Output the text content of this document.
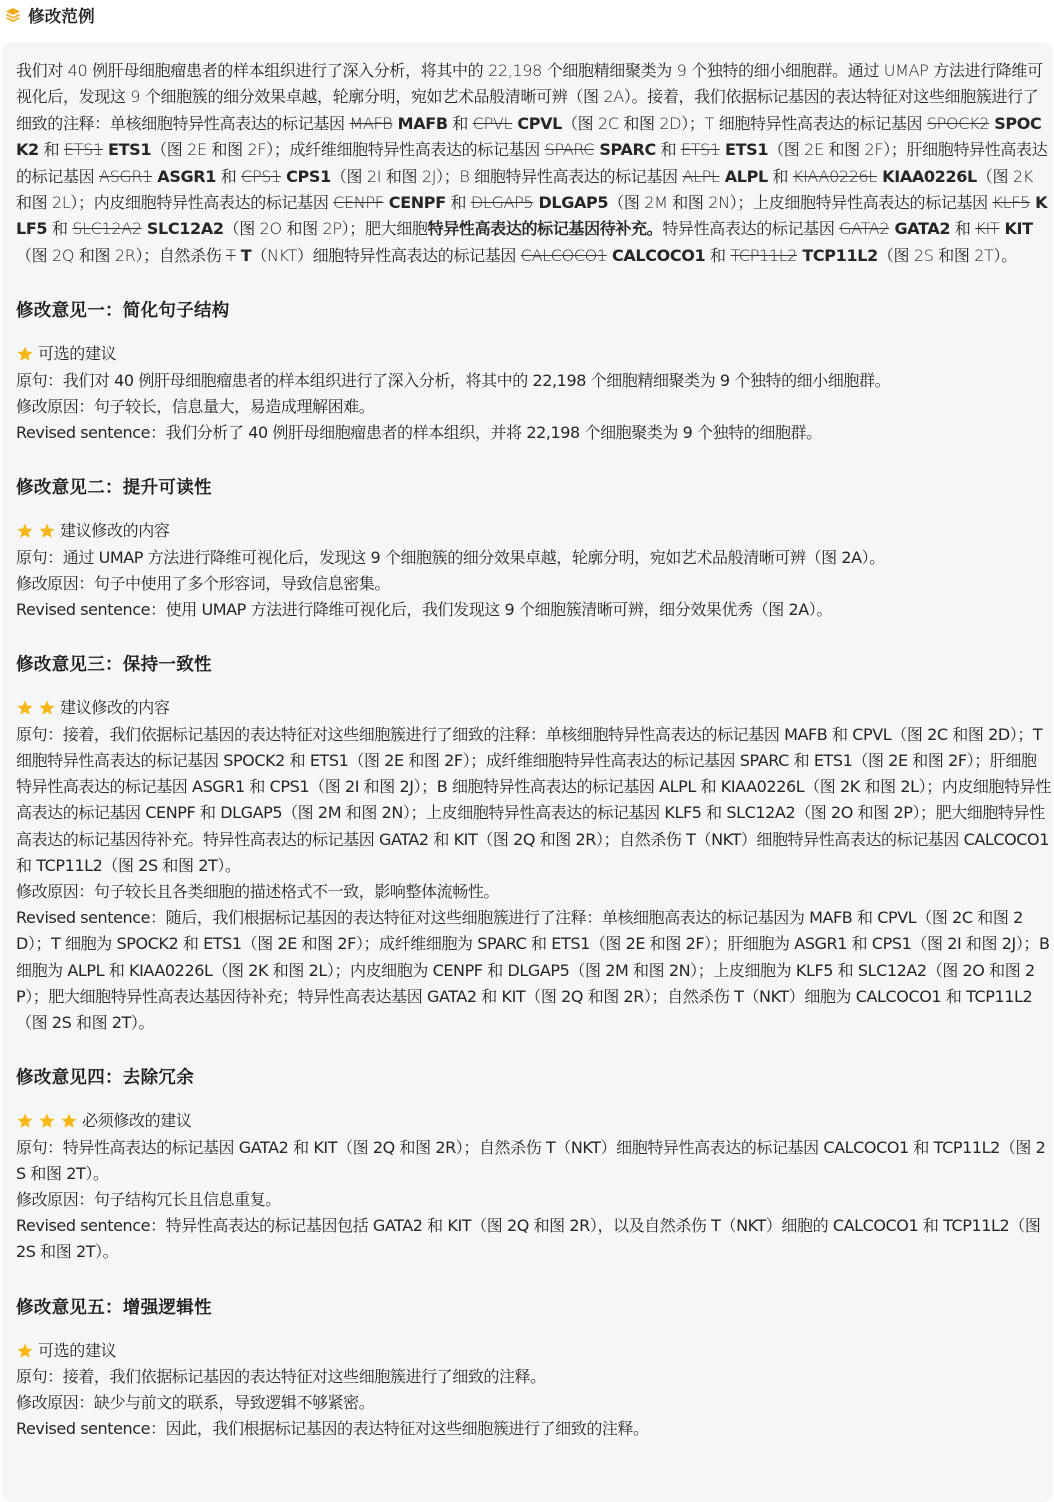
修改范例

我们对 40 例肝母细胞瘤患者的样本组织进行了深入分析，将其中的 22,198 个细胞精细聚类为 9 个独特的细小细胞群。通过 UMAP 方法进行降维可视化后，发现这 9 个细胞簇的细分效果卓越，轮廓分明，宛如艺术品般清晰可辨（图 2A）。接着，我们依据标记基因的表达特征对这些细胞簇进行了细致的注释：单核细胞特异性高表达的标记基因 MAFB MAFB 和 CPVL CPVL（图 2C 和图 2D）；T 细胞特异性高表达的标记基因 SPOCK2 SPOCK2 和 ETS1 ETS1（图 2E 和图 2F）；成纤维细胞特异性高表达的标记基因 SPARC SPARC 和 ETS1 ETS1（图 2E 和图 2F）；肝细胞特异性高表达的标记基因 ASGR1 ASGR1 和 CPS1 CPS1（图 2I 和图 2J）；B 细胞特异性高表达的标记基因 ALPL ALPL 和 KIAA0226L KIAA0226L（图 2K 和图 2L）；内皮细胞特异性高表达的标记基因 CENPF CENPF 和 DLGAP5 DLGAP5（图 2M 和图 2N）；上皮细胞特异性高表达的标记基因 KLF5 KLF5 和 SLC12A2 SLC12A2（图 2O 和图 2P）；肥大细胞特异性高表达的标记基因待补充。特异性高表达的标记基因 GATA2 GATA2 和 KIT KIT（图 2Q 和图 2R）；自然杀伤 T T（NKT）细胞特异性高表达的标记基因 CALCOCO1 CALCOCO1 和 TCP11L2 TCP11L2（图 2S 和图 2T）。

修改意见一：简化句子结构
可选的建议

原句：我们对 40 例肝母细胞瘤患者的样本组织进行了深入分析，将其中的 22,198 个细胞精细聚类为 9 个独特的细小细胞群。

修改原因：句子较长，信息量大，易造成理解困难。

Revised sentence：我们分析了 40 例肝母细胞瘤患者的样本组织，并将 22,198 个细胞聚类为 9 个独特的细胞群。

修改意见二：提升可读性
建议修改的内容

原句：通过 UMAP 方法进行降维可视化后，发现这 9 个细胞簇的细分效果卓越，轮廓分明，宛如艺术品般清晰可辨（图 2A）。

修改原因：句子中使用了多个形容词，导致信息密集。

Revised sentence：使用 UMAP 方法进行降维可视化后，我们发现这 9 个细胞簇清晰可辨，细分效果优秀（图 2A）。

修改意见三：保持一致性
建议修改的内容

原句：接着，我们依据标记基因的表达特征对这些细胞簇进行了细致的注释：单核细胞特异性高表达的标记基因 MAFB 和 CPVL（图 2C 和图 2D）；T 细胞特异性高表达的标记基因 SPOCK2 和 ETS1（图 2E 和图 2F）；成纤维细胞特异性高表达的标记基因 SPARC 和 ETS1（图 2E 和图 2F）；肝细胞特异性高表达的标记基因 ASGR1 和 CPS1（图 2I 和图 2J）；B 细胞特异性高表达的标记基因 ALPL 和 KIAA0226L（图 2K 和图 2L）；内皮细胞特异性高表达的标记基因 CENPF 和 DLGAP5（图 2M 和图 2N）；上皮细胞特异性高表达的标记基因 KLF5 和 SLC12A2（图 2O 和图 2P）；肥大细胞特异性高表达的标记基因待补充。特异性高表达的标记基因 GATA2 和 KIT（图 2Q 和图 2R）；自然杀伤 T（NKT）细胞特异性高表达的标记基因 CALCOCO1 和 TCP11L2（图 2S 和图 2T）。

修改原因：句子较长且各类细胞的描述格式不一致，影响整体流畅性。

Revised sentence：随后，我们根据标记基因的表达特征对这些细胞簇进行了注释：单核细胞高表达的标记基因为 MAFB 和 CPVL（图 2C 和图 2D）；T 细胞为 SPOCK2 和 ETS1（图 2E 和图 2F）；成纤维细胞为 SPARC 和 ETS1（图 2E 和图 2F）；肝细胞为 ASGR1 和 CPS1（图 2I 和图 2J）；B 细胞为 ALPL 和 KIAA0226L（图 2K 和图 2L）；内皮细胞为 CENPF 和 DLGAP5（图 2M 和图 2N）；上皮细胞为 KLF5 和 SLC12A2（图 2O 和图 2P）；肥大细胞特异性高表达基因待补充；特异性高表达基因 GATA2 和 KIT（图 2Q 和图 2R）；自然杀伤 T（NKT）细胞为 CALCOCO1 和 TCP11L2（图 2S 和图 2T）。

修改意见四：去除冗余
必须修改的建议

原句：特异性高表达的标记基因 GATA2 和 KIT（图 2Q 和图 2R）；自然杀伤 T（NKT）细胞特异性高表达的标记基因 CALCOCO1 和 TCP11L2（图 2S 和图 2T）。

修改原因：句子结构冗长且信息重复。

Revised sentence：特异性高表达的标记基因包括 GATA2 和 KIT（图 2Q 和图 2R），以及自然杀伤 T（NKT）细胞的 CALCOCO1 和 TCP11L2（图 2S 和图 2T）。

修改意见五：增强逻辑性
可选的建议

原句：接着，我们依据标记基因的表达特征对这些细胞簇进行了细致的注释。

修改原因：缺少与前文的联系，导致逻辑不够紧密。

Revised sentence：因此，我们根据标记基因的表达特征对这些细胞簇进行了细致的注释。
